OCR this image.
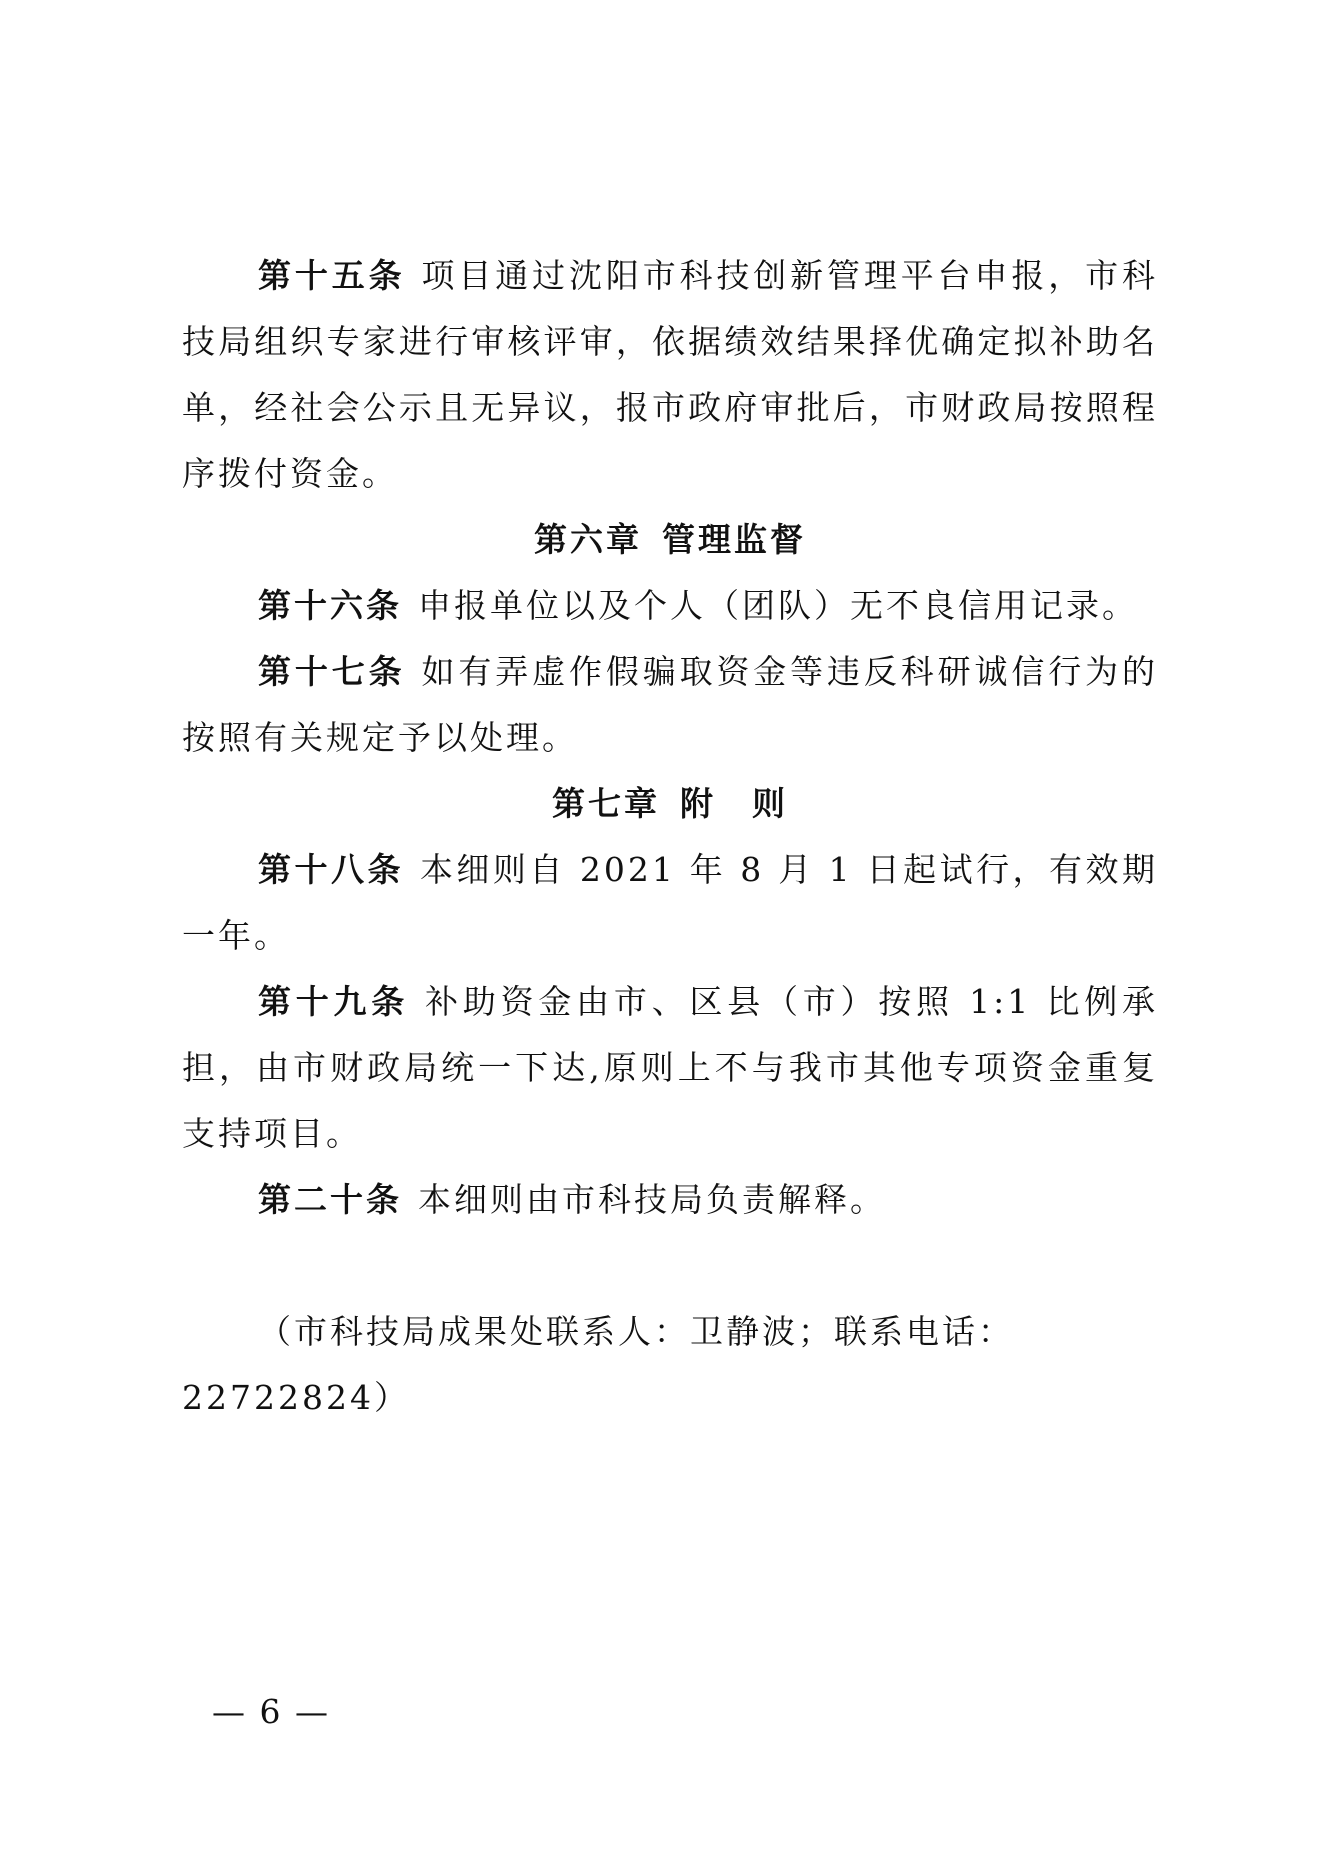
第十五条 项目通过沈阳市科技创新管理平台申报，市科技局组织专家进行审核评审，依据绩效结果择优确定拟补助名单，经社会公示且无异议，报市政府审批后，市财政局按照程序拨付资金。

第六章 管理监督

第十六条 申报单位以及个人（团队）无不良信用记录。

第十七条 如有弄虚作假骗取资金等违反科研诚信行为的按照有关规定予以处理。

第七章 附　则

第十八条 本细则自 2021 年 8 月 1 日起试行，有效期一年。

第十九条 补助资金由市、区县（市）按照 1:1 比例承担，由市财政局统一下达,原则上不与我市其他专项资金重复支持项目。

第二十条 本细则由市科技局负责解释。

（市科技局成果处联系人：卫静波；联系电话：22722824）

— 6 —
